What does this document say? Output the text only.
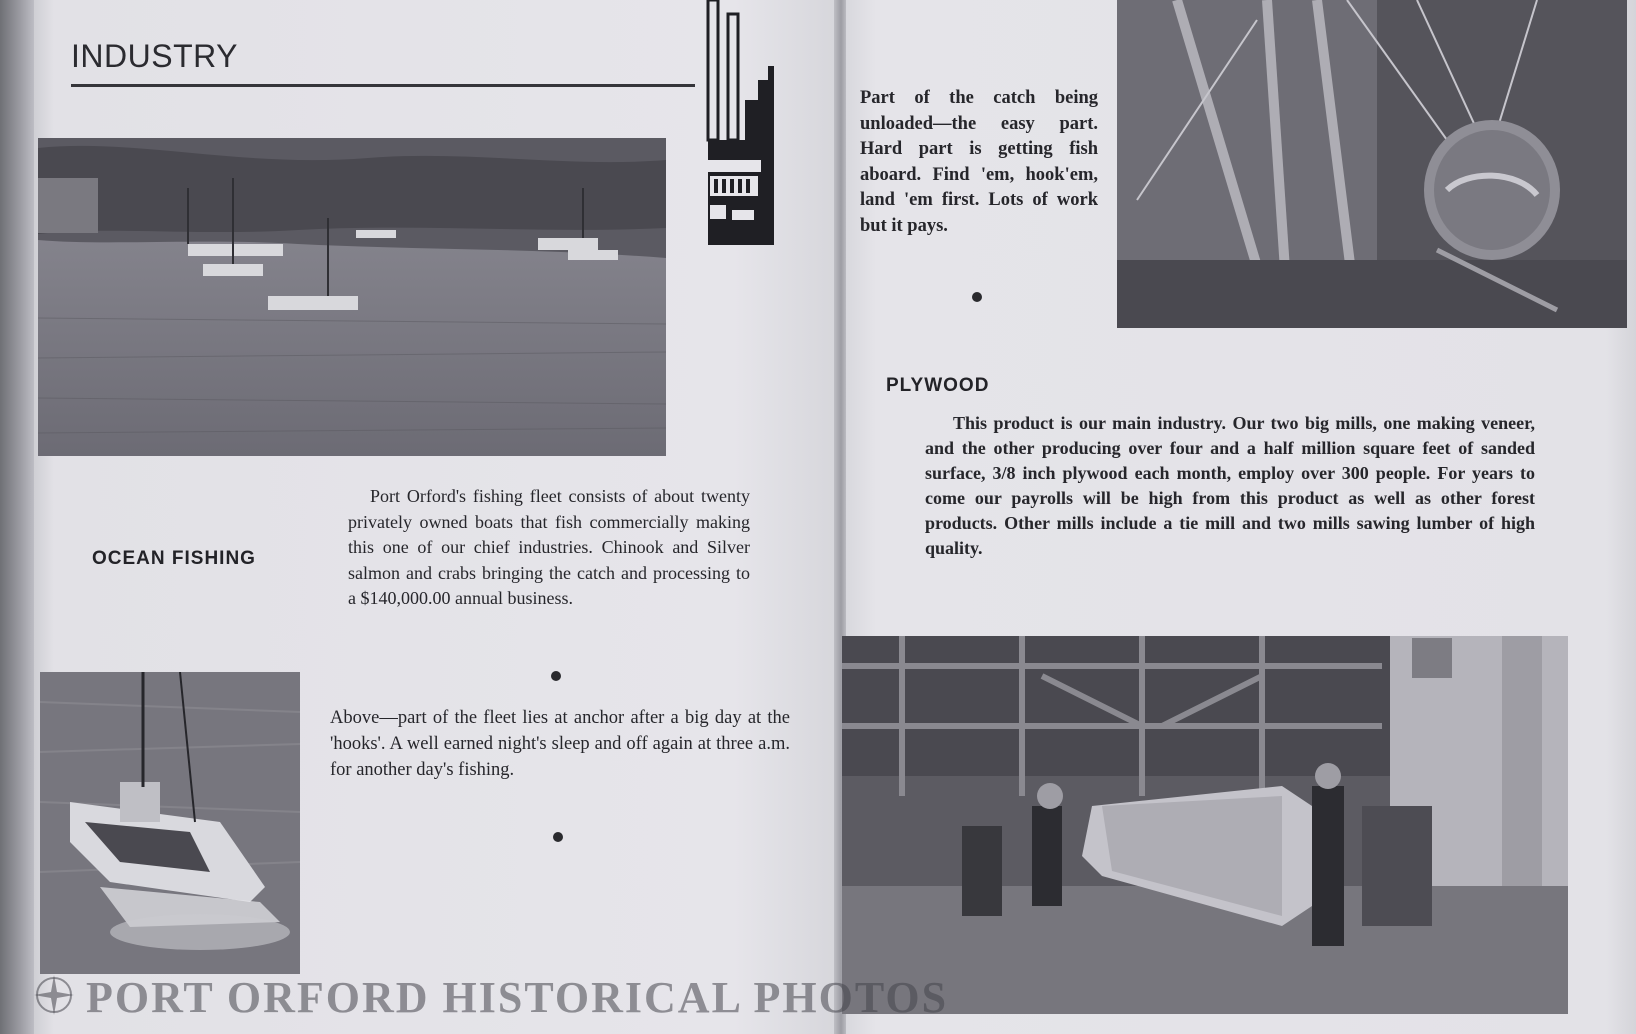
INDUSTRY
OCEAN FISHING

Port Orford's fishing fleet consists of about twenty privately owned boats that fish commercially making this one of our chief industries. Chinook and Silver salmon and crabs bringing the catch and processing to a $140,000.00 annual business.

Above—part of the fleet lies at anchor after a big day at the 'hooks'. A well earned night's sleep and off again at three a.m. for another day's fishing.

Part of the catch being unloaded—the easy part. Hard part is getting fish aboard. Find 'em, hook'em, land 'em first. Lots of work but it pays.

PLYWOOD

This product is our main industry. Our two big mills, one making veneer, and the other producing over four and a half million square feet of sanded surface, 3/8 inch plywood each month, employ over 300 people. For years to come our payrolls will be high from this product as well as other forest products. Other mills include a tie mill and two mills sawing lumber of high quality.

PORT ORFORD HISTORICAL PHOTOS
